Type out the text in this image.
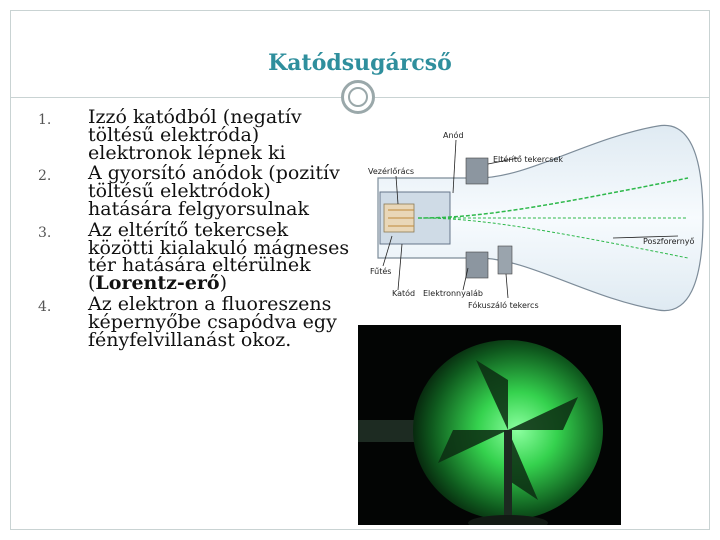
Katódsugárcső
1. Izzó katódból (negatív töltésű elektróda) elektronok lépnek ki
2. A gyorsító anódok (pozitív töltésű elektródok) hatására felgyorsulnak
3. Az eltérítő tekercsek közötti kialakuló mágneses tér hatására eltérülnek (Lorentz-erő)
4. Az elektron a fluoreszens képernyőbe csapódva egy fényfelvillanást okoz.
Anód
Vezérlőrács
Eltérítő tekercsek
Poszforernyő
Fűtés
Katód Elektronnyaláb
Fókuszáló tekercs
